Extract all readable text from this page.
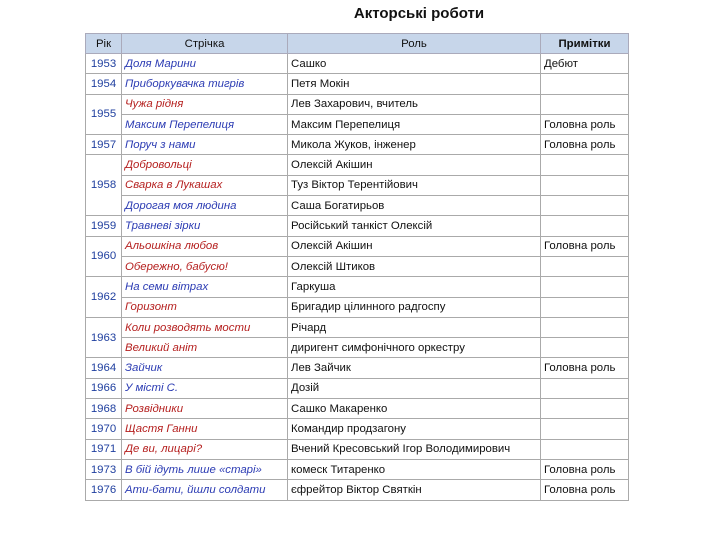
Акторські роботи
Рік	Стрічка	Роль	Примітки
1953	Доля Марини	Сашко	Дебют
1954	Приборкувачка тигрів	Петя Мокін	
1955	Чужа рідня	Лев Захарович, вчитель	
	Максим Перепелиця	Максим Перепелиця	Головна роль
1957	Поруч з нами	Микола Жуков, інженер	Головна роль
1958	Добровольці	Олексій Акішин	
	Сварка в Лукашах	Туз Віктор Терентійович	
	Дорогая моя людина	Саша Богатирьов	
1959	Травневі зірки	Російський танкіст Олексій	
1960	Альошкіна любов	Олексій Акішин	Головна роль
	Обережно, бабусю!	Олексій Штиков	
1962	На семи вітрах	Гаркуша	
	Горизонт	Бригадир цілинного радгоспу	
1963	Коли розводять мости	Річард	
	Великий аніт	диригент симфонічного оркестру	
1964	Зайчик	Лев Зайчик	Головна роль
1966	У місті С.	Дозій	
1968	Розвідники	Сашко Макаренко	
1970	Щастя Ганни	Командир продзагону	
1971	Де ви, лицарі?	Вчений Кресовський Ігор Володимирович	
1973	В бій ідуть лише «старі»	комеск Титаренко	Головна роль
1976	Ати-бати, йшли солдати	єфрейтор Віктор Святкін	Головна роль
